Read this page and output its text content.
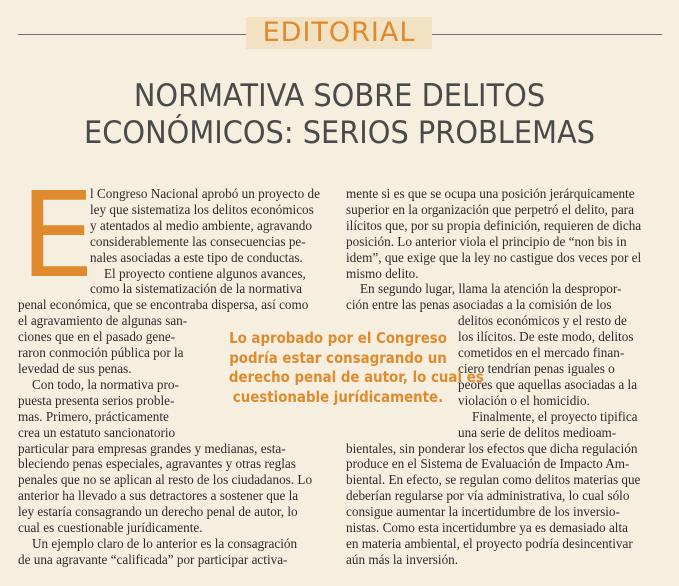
EDITORIAL
NORMATIVA SOBRE DELITOS
ECONÓMICOS: SERIOS PROBLEMAS
E
l Congreso Nacional aprobó un proyecto de
ley que sistematiza los delitos económicos
y atentados al medio ambiente, agravando
considerablemente las consecuencias pe-
nales asociadas a este tipo de conductas.
El proyecto contiene algunos avances,
como la sistematización de la normativa
penal económica, que se encontraba dispersa, así como
el agravamiento de algunas san-
ciones que en el pasado gene-
raron conmoción pública por la
levedad de sus penas.
Con todo, la normativa pro-
puesta presenta serios proble-
mas. Primero, prácticamente
crea un estatuto sancionatorio
particular para empresas grandes y medianas, esta-
bleciendo penas especiales, agravantes y otras reglas
penales que no se aplican al resto de los ciudadanos. Lo
anterior ha llevado a sus detractores a sostener que la
ley estaría consagrando un derecho penal de autor, lo
cual es cuestionable jurídicamente.
Un ejemplo claro de lo anterior es la consagración
de una agravante “calificada” por participar activa-
mente si es que se ocupa una posición jerárquicamente
superior en la organización que perpetró el delito, para
ilícitos que, por su propia definición, requieren de dicha
posición. Lo anterior viola el principio de “non bis in
idem”, que exige que la ley no castigue dos veces por el
mismo delito.
En segundo lugar, llama la atención la despropor-
ción entre las penas asociadas a la comisión de los
delitos económicos y el resto de
los ilícitos. De este modo, delitos
cometidos en el mercado finan-
ciero tendrían penas iguales o
peores que aquellas asociadas a la
violación o el homicidio.
Finalmente, el proyecto tipifica
una serie de delitos medioam-
bientales, sin ponderar los efectos que dicha regulación
produce en el Sistema de Evaluación de Impacto Am-
biental. En efecto, se regulan como delitos materias que
deberían regularse por vía administrativa, lo cual sólo
consigue aumentar la incertidumbre de los inversio-
nistas. Como esta incertidumbre ya es demasiado alta
en materia ambiental, el proyecto podría desincentivar
aún más la inversión.
Lo aprobado por el Congreso
podría estar consagrando un
derecho penal de autor, lo cual es
cuestionable jurídicamente.
